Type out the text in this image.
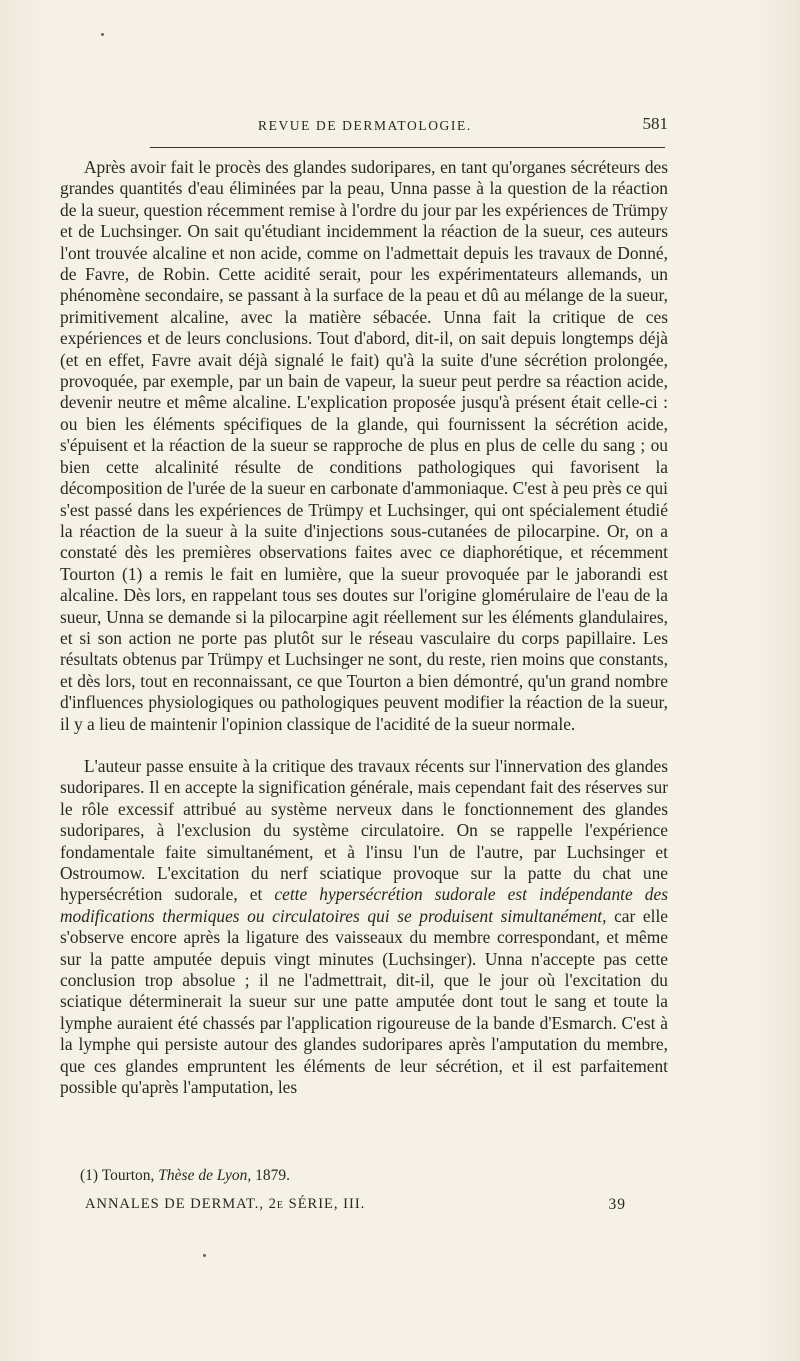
REVUE DE DERMATOLOGIE.	581

Après avoir fait le procès des glandes sudoripares, en tant qu'organes sécréteurs des grandes quantités d'eau éliminées par la peau, Unna passe à la question de la réaction de la sueur, question récemment remise à l'ordre du jour par les expériences de Trümpy et de Luchsinger. On sait qu'étudiant incidemment la réaction de la sueur, ces auteurs l'ont trouvée alcaline et non acide, comme on l'admettait depuis les travaux de Donné, de Favre, de Robin. Cette acidité serait, pour les expérimentateurs allemands, un phénomène secondaire, se passant à la surface de la peau et dû au mélange de la sueur, primitivement alcaline, avec la matière sébacée. Unna fait la critique de ces expériences et de leurs conclusions. Tout d'abord, dit-il, on sait depuis longtemps déjà (et en effet, Favre avait déjà signalé le fait) qu'à la suite d'une sécrétion prolongée, provoquée, par exemple, par un bain de vapeur, la sueur peut perdre sa réaction acide, devenir neutre et même alcaline. L'explication proposée jusqu'à présent était celle-ci : ou bien les éléments spécifiques de la glande, qui fournissent la sécrétion acide, s'épuisent et la réaction de la sueur se rapproche de plus en plus de celle du sang ; ou bien cette alcalinité résulte de conditions pathologiques qui favorisent la décomposition de l'urée de la sueur en carbonate d'ammoniaque. C'est à peu près ce qui s'est passé dans les expériences de Trümpy et Luchsinger, qui ont spécialement étudié la réaction de la sueur à la suite d'injections sous-cutanées de pilocarpine. Or, on a constaté dès les premières observations faites avec ce diaphorétique, et récemment Tourton (1) a remis le fait en lumière, que la sueur provoquée par le jaborandi est alcaline. Dès lors, en rappelant tous ses doutes sur l'origine glomérulaire de l'eau de la sueur, Unna se demande si la pilocarpine agit réellement sur les éléments glandulaires, et si son action ne porte pas plutôt sur le réseau vasculaire du corps papillaire. Les résultats obtenus par Trümpy et Luchsinger ne sont, du reste, rien moins que constants, et dès lors, tout en reconnaissant, ce que Tourton a bien démontré, qu'un grand nombre d'influences physiologiques ou pathologiques peuvent modifier la réaction de la sueur, il y a lieu de maintenir l'opinion classique de l'acidité de la sueur normale.

L'auteur passe ensuite à la critique des travaux récents sur l'innervation des glandes sudoripares. Il en accepte la signification générale, mais cependant fait des réserves sur le rôle excessif attribué au système nerveux dans le fonctionnement des glandes sudoripares, à l'exclusion du système circulatoire. On se rappelle l'expérience fondamentale faite simultanément, et à l'insu l'un de l'autre, par Luchsinger et Ostroumow. L'excitation du nerf sciatique provoque sur la patte du chat une hypersécrétion sudorale, et cette hypersécrétion sudorale est indépendante des modifications thermiques ou circulatoires qui se produisent simultanément, car elle s'observe encore après la ligature des vaisseaux du membre correspondant, et même sur la patte amputée depuis vingt minutes (Luchsinger). Unna n'accepte pas cette conclusion trop absolue ; il ne l'admettrait, dit-il, que le jour où l'excitation du sciatique déterminerait la sueur sur une patte amputée dont tout le sang et toute la lymphe auraient été chassés par l'application rigoureuse de la bande d'Esmarch. C'est à la lymphe qui persiste autour des glandes sudoripares après l'amputation du membre, que ces glandes empruntent les éléments de leur sécrétion, et il est parfaitement possible qu'après l'amputation, les

(1) Tourton, Thèse de Lyon, 1879.
ANNALES DE DERMAT., 2e SÉRIE, III.	39
